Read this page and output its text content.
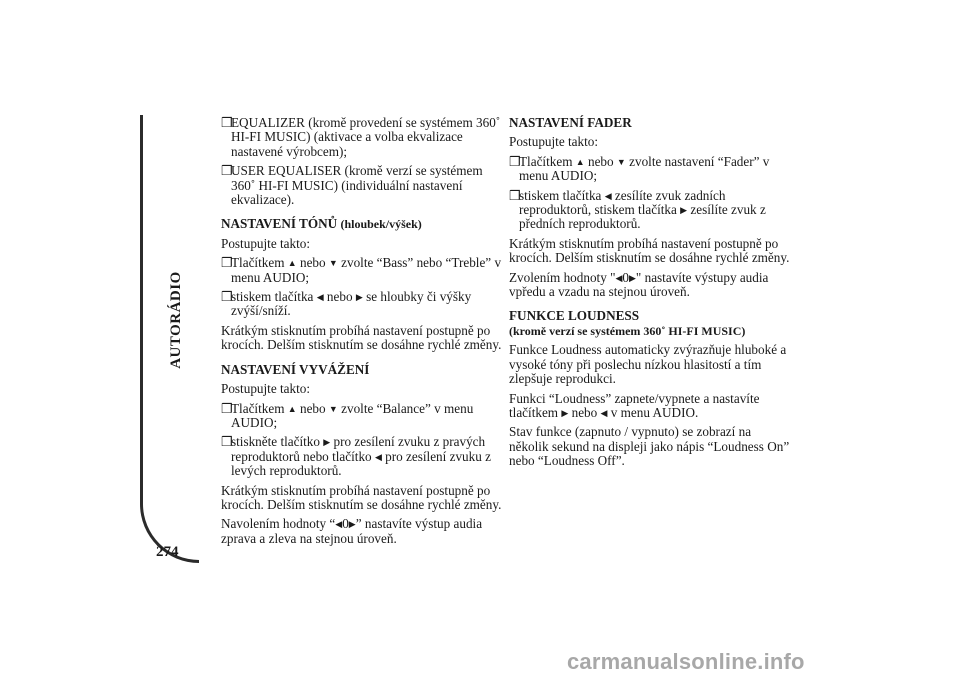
AUTORÁDIO
274
❒
EQUALIZER (kromě provedení se systémem 360˚ HI-FI MUSIC) (aktivace a volba ekvalizace nastavené výrobcem);
❒
USER EQUALISER (kromě verzí se systémem 360˚ HI-FI MUSIC) (individuální nastavení ekvalizace).
NASTAVENÍ TÓNŮ (hloubek/výšek)

Postupujte takto:

❒
Tlačítkem ▲ nebo ▼ zvolte “Bass” nebo “Treble” v menu AUDIO;
❒
stiskem tlačítka ◀ nebo ▶ se hloubky či výšky zvýší/sníží.

Krátkým stisknutím probíhá nastavení postupně po krocích. Delším stisknutím se dosáhne rychlé změny.

NASTAVENÍ VYVÁŽENÍ

Postupujte takto:

❒
Tlačítkem ▲ nebo ▼ zvolte “Balance” v menu AUDIO;
❒
stiskněte tlačítko ▶ pro zesílení zvuku z pravých reproduktorů nebo tlačítko ◀ pro zesílení zvuku z levých reproduktorů.

Krátkým stisknutím probíhá nastavení postupně po krocích. Delším stisknutím se dosáhne rychlé změny.

Navolením hodnoty “◀0▶” nastavíte výstup audia zprava a zleva na stejnou úroveň.

NASTAVENÍ FADER

Postupujte takto:

❒
Tlačítkem ▲ nebo ▼ zvolte nastavení “Fader” v menu AUDIO;
❒
stiskem tlačítka ◀ zesílíte zvuk zadních reproduktorů, stiskem tlačítka ▶ zesílíte zvuk z předních reproduktorů.

Krátkým stisknutím probíhá nastavení postupně po krocích. Delším stisknutím se dosáhne rychlé změny.

Zvolením hodnoty "◀0▶" nastavíte výstupy audia vpředu a vzadu na stejnou úroveň.

FUNKCE LOUDNESS
(kromě verzí se systémem 360˚ HI-FI MUSIC)

Funkce Loudness automaticky zvýrazňuje hluboké a vysoké tóny při poslechu nízkou hlasitostí a tím zlepšuje reprodukci.

Funkci “Loudness” zapnete/vypnete a nastavíte tlačítkem ▶ nebo ◀ v menu AUDIO.

Stav funkce (zapnuto / vypnuto) se zobrazí na několik sekund na displeji jako nápis “Loudness On” nebo “Loudness Off”.

carmanualsonline.info
